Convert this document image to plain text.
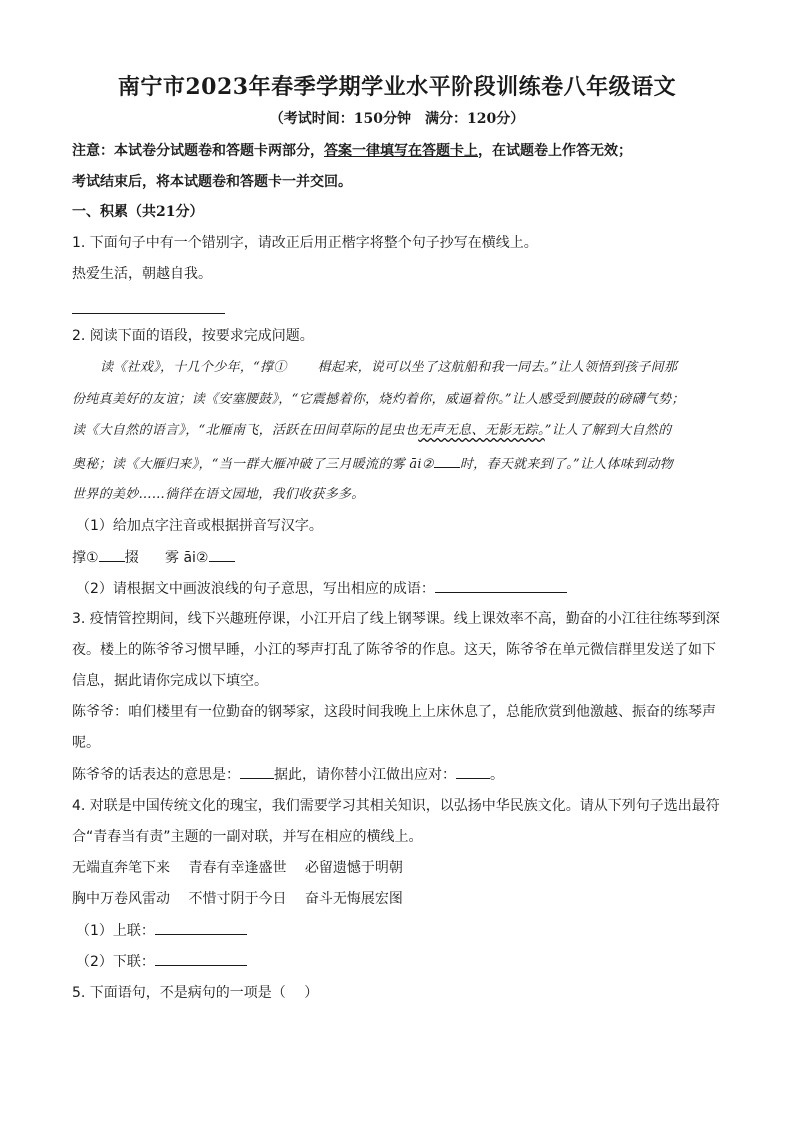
南宁市2023年春季学期学业水平阶段训练卷八年级语文
（考试时间：150分钟　满分：120分）
注意：本试卷分试题卷和答题卡两部分，答案一律填写在答题卡上，在试题卷上作答无效；
考试结束后，将本试题卷和答题卡一并交回。
一、积累（共21分）
1. 下面句子中有一个错别字，请改正后用正楷字将整个句子抄写在横线上。
热爱生活，朝越自我。
2. 阅读下面的语段，按要求完成问题。
读《社戏》，十几个少年，“撑①　　 楫起来，说可以坐了这航船和我一同去。”让人领悟到孩子间那
份纯真美好的友谊；读《安塞腰鼓》，“它震撼着你，烧灼着你，威逼着你。”让人感受到腰鼓的磅礴气势；
读《大自然的语言》，“北雁南飞，活跃在田间草际的昆虫也无声无息、无影无踪。”让人了解到大自然的
奥秘；读《大雁归来》，“当一群大雁冲破了三月暖流的雾 āi② 时，春天就来到了。”让人体味到动物
世界的美妙……徜徉在语文园地，我们收获多多。
（1）给加点字注音或根据拼音写汉字。
撑① 掇 雾 āi②
（2）请根据文中画波浪线的句子意思，写出相应的成语：
3. 疫情管控期间，线下兴趣班停课，小江开启了线上钢琴课。线上课效率不高，勤奋的小江往往练琴到深
夜。楼上的陈爷爷习惯早睡，小江的琴声打乱了陈爷爷的作息。这天，陈爷爷在单元微信群里发送了如下
信息，据此请你完成以下填空。
陈爷爷：咱们楼里有一位勤奋的钢琴家，这段时间我晚上上床休息了，总能欣赏到他激越、振奋的练琴声
呢。
陈爷爷的话表达的意思是： 据此，请你替小江做出应对： 。
4. 对联是中国传统文化的瑰宝，我们需要学习其相关知识，以弘扬中华民族文化。请从下列句子选出最符
合“青春当有责”主题的一副对联，并写在相应的横线上。
无端直奔笔下来　 青春有幸逢盛世　 必留遗憾于明朝
胸中万卷风雷动　 不惜寸阴于今日　 奋斗无悔展宏图
（1）上联：
（2）下联：
5. 下面语句，不是病句的一项是（　 ）
